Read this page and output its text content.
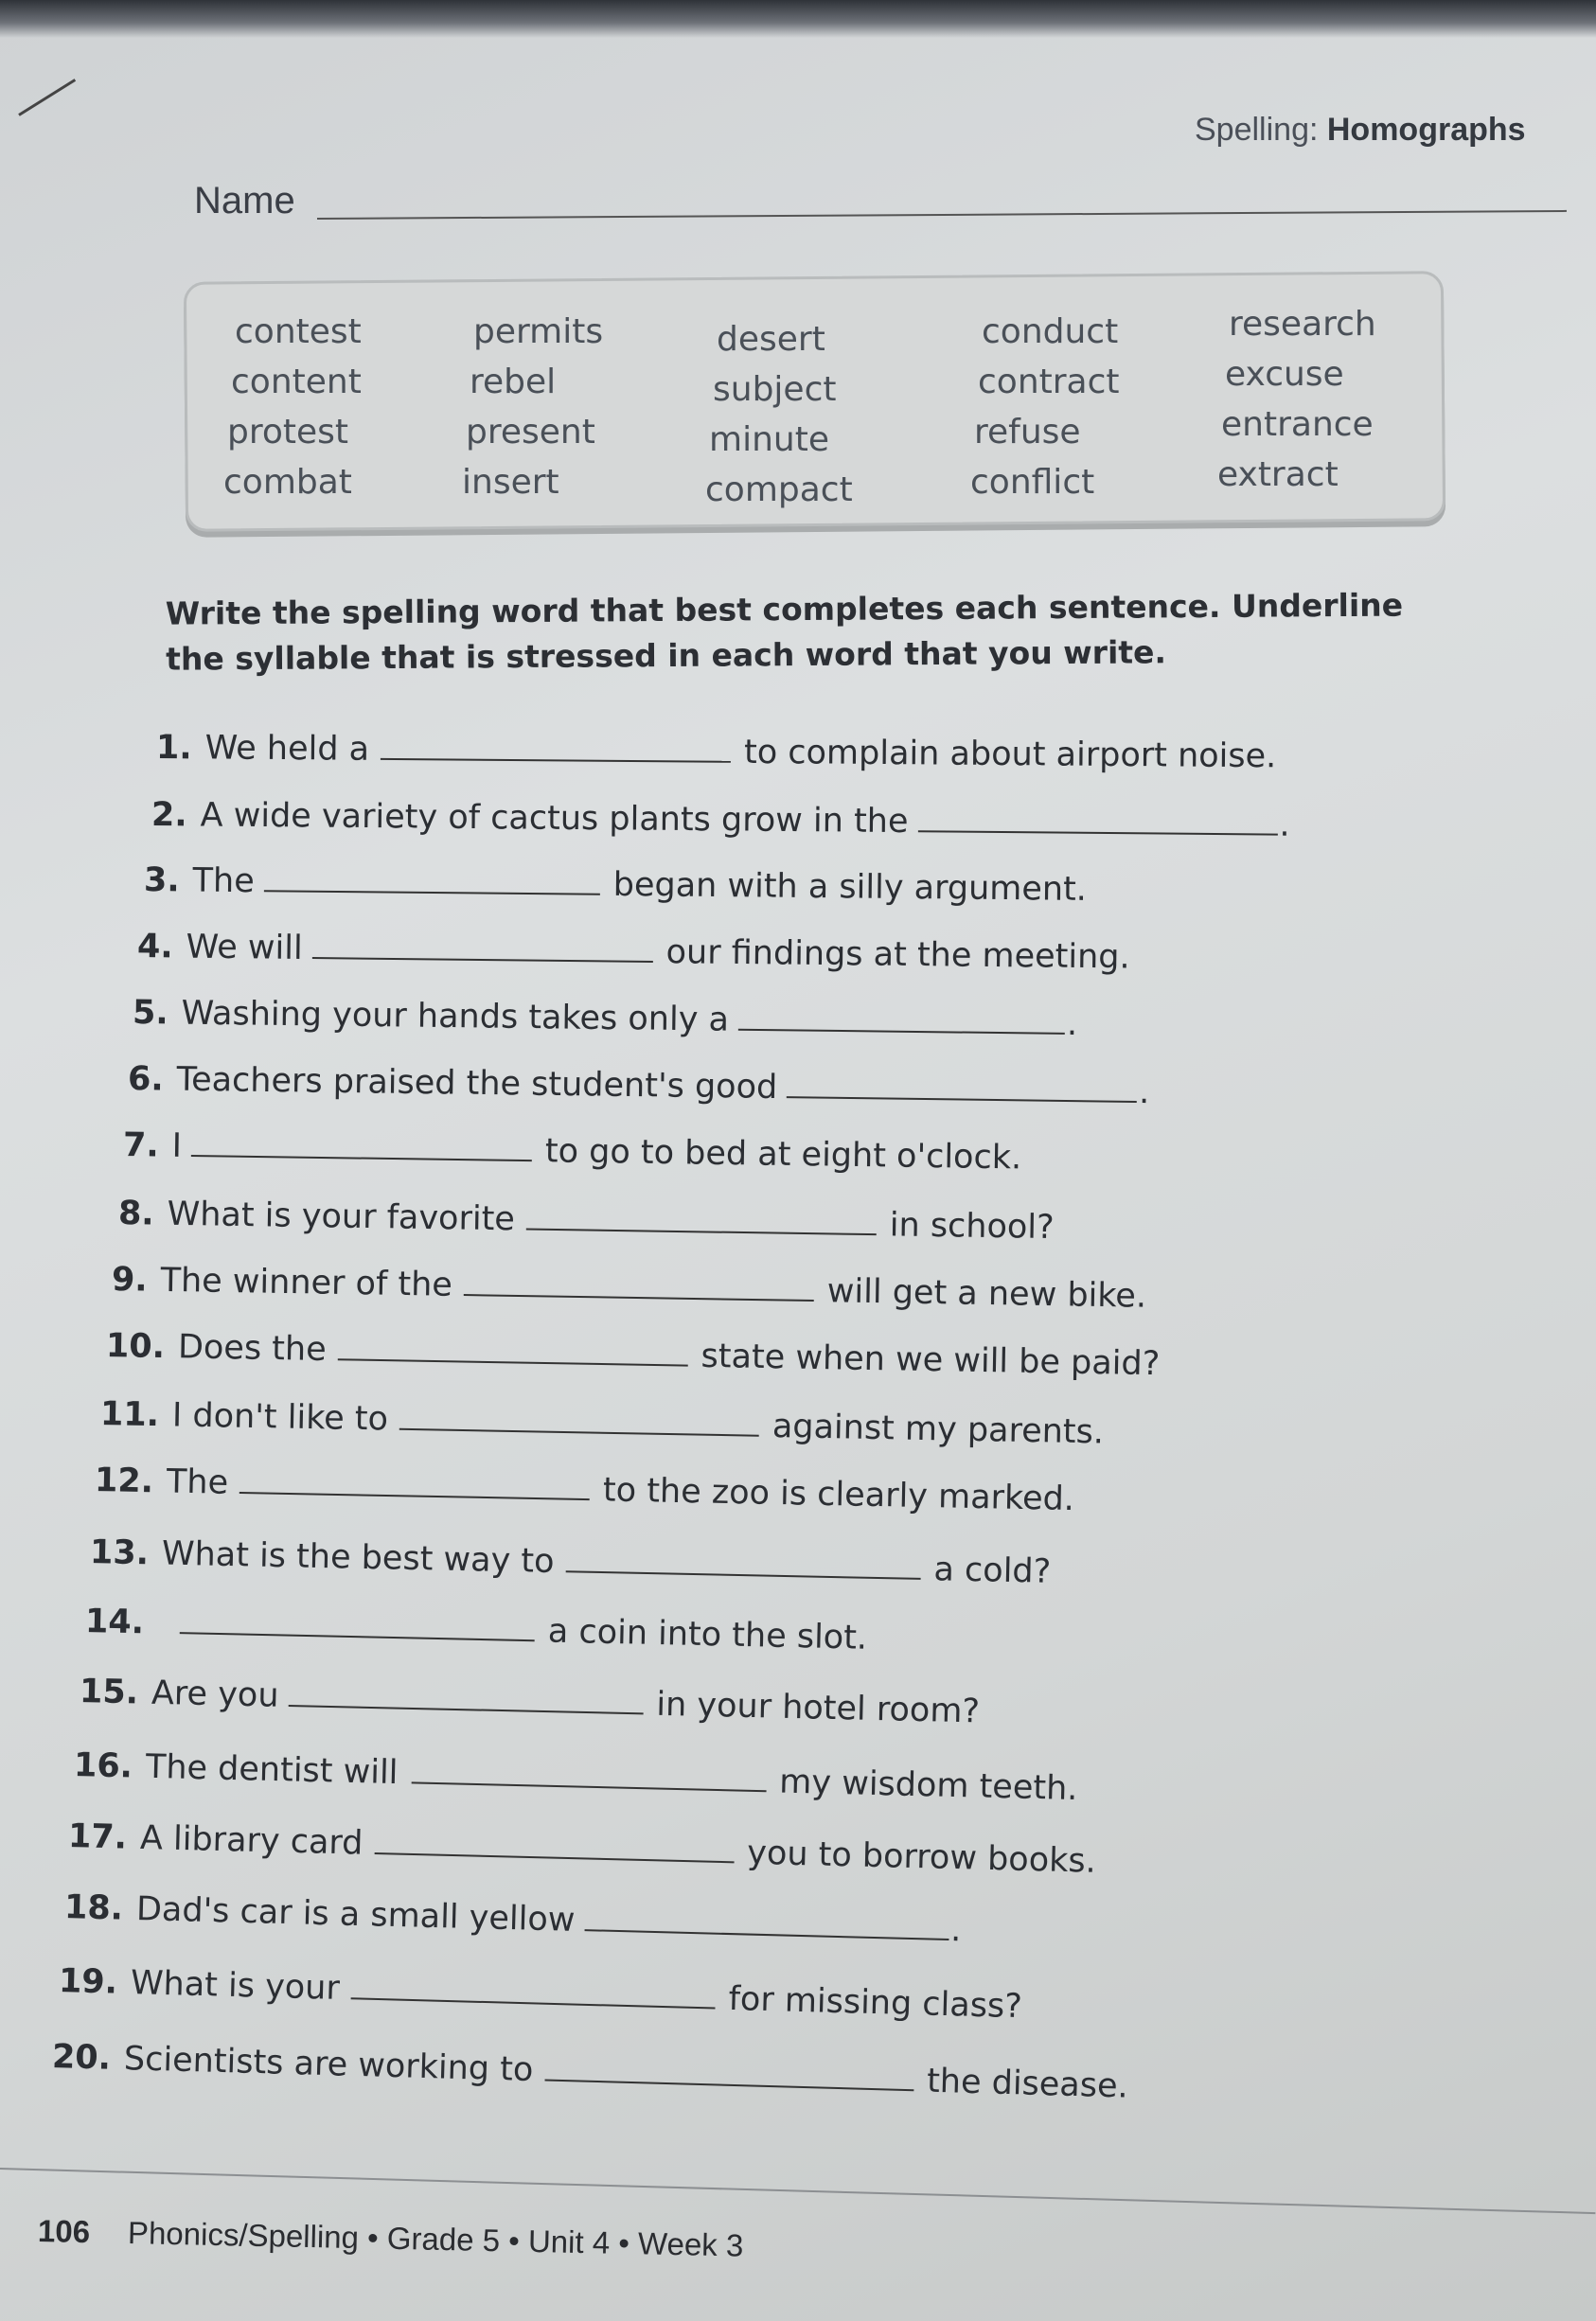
Spelling: Homographs
Name
Write the spelling word that best completes each sentence. Underline the syllable that is stressed in each word that you write.
106 Phonics/Spelling • Grade 5 • Unit 4 • Week 3
contest	permits	desert	conduct	research
content	rebel	subject	contract	excuse
protest	present	minute	refuse	entrance
combat	insert	compact	conflict	extract
1. We held a	to complain about airport noise.
2. A wide variety of cactus plants grow in the	.
3. The	began with a silly argument.
4. We will	our findings at the meeting.
5. Washing your hands takes only a	.
6. Teachers praised the student's good	.
7. I	to go to bed at eight o'clock.
8. What is your favorite	in school?
9. The winner of the	will get a new bike.
10. Does the	state when we will be paid?
11. I don't like to	against my parents.
12. The	to the zoo is clearly marked.
13. What is the best way to	a cold?
14.	a coin into the slot.
15. Are you	in your hotel room?
16. The dentist will	my wisdom teeth.
17. A library card	you to borrow books.
18. Dad's car is a small yellow	.
19. What is your	for missing class?
20. Scientists are working to	the disease.
